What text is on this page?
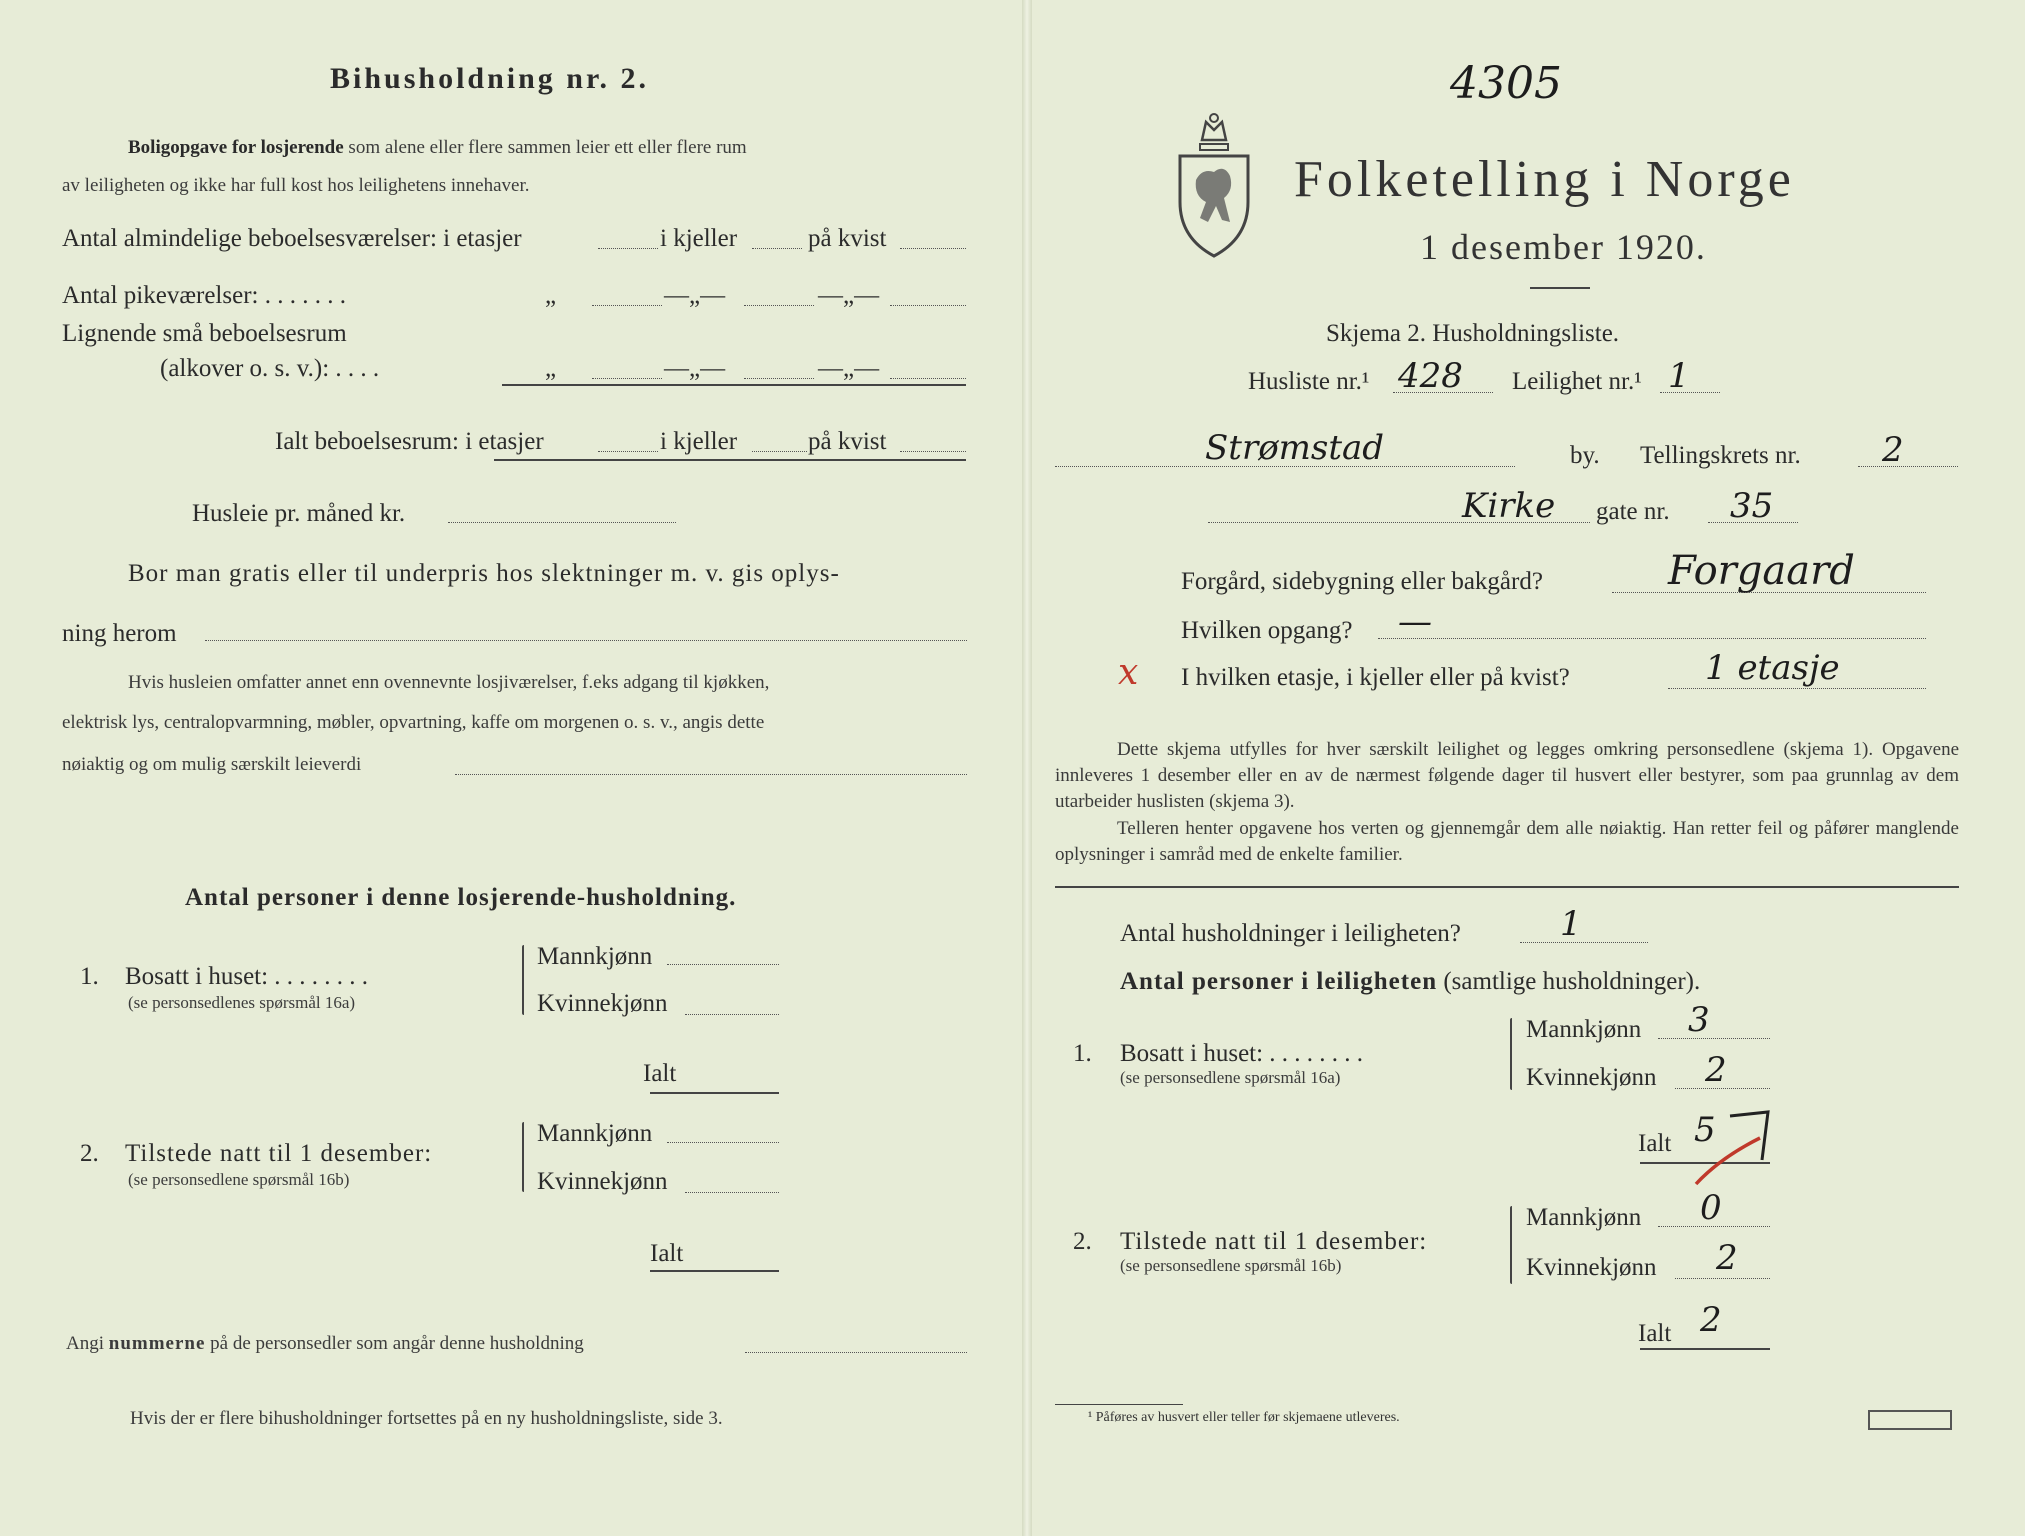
Bihusholdning nr. 2.
Boligopgave for losjerende som alene eller flere sammen leier ett eller flere rum
av leiligheten og ikke har full kost hos leilighetens innehaver.
Antal almindelige beboelsesværelser: i etasjer	i kjeller	på kvist
Antal pikeværelser: . . . . . . .	„	—„—	—„—
Lignende små beboelsesrum
(alkover o. s. v.): . . . .	„	—„—	—„—
Ialt beboelsesrum: i etasjer	i kjeller	på kvist
Husleie pr. måned kr.
Bor man gratis eller til underpris hos slektninger m. v. gis oplys-
ning herom
Hvis husleien omfatter annet enn ovennevnte losjiværelser, f.eks adgang til kjøkken,
elektrisk lys, centralopvarmning, møbler, opvartning, kaffe om morgenen o. s. v., angis dette
nøiaktig og om mulig særskilt leieverdi
Antal personer i denne losjerende-husholdning.
1. Bosatt i huset: . . . . . . . .
(se personsedlenes spørsmål 16a)
Mannkjønn
Kvinnekjønn
Ialt
2. Tilstede natt til 1 desember:
(se personsedlene spørsmål 16b)
Mannkjønn
Kvinnekjønn
Ialt
Angi nummerne på de personsedler som angår denne husholdning
Hvis der er flere bihusholdninger fortsettes på en ny husholdningsliste, side 3.
4305
Folketelling i Norge
1 desember 1920.
Skjema 2. Husholdningsliste.
Husliste nr.¹ 428 Leilighet nr.¹ 1
Strømstad	by. Tellingskrets nr. 2
Kirke gate nr. 35
Forgård, sidebygning eller bakgård?	Forgaard
Hvilken opgang? —
x I hvilken etasje, i kjeller eller på kvist?	1 etasje
Dette skjema utfylles for hver særskilt leilighet og legges omkring personsedlene (skjema 1). Opgavene innleveres 1 desember eller en av de nærmest følgende dager til husvert eller bestyrer, som paa grunnlag av dem utarbeider huslisten (skjema 3).
Telleren henter opgavene hos verten og gjennemgår dem alle nøiaktig. Han retter feil og påfører manglende oplysninger i samråd med de enkelte familier.
Antal husholdninger i leiligheten?	1
Antal personer i leiligheten (samtlige husholdninger).
1. Bosatt i huset: . . . . . . . .
(se personsedlene spørsmål 16a)
Mannkjønn 3
Kvinnekjønn 2
Ialt 5
2. Tilstede natt til 1 desember:
(se personsedlene spørsmål 16b)
Mannkjønn 0
Kvinnekjønn 2
Ialt 2
¹ Påføres av husvert eller teller før skjemaene utleveres.
